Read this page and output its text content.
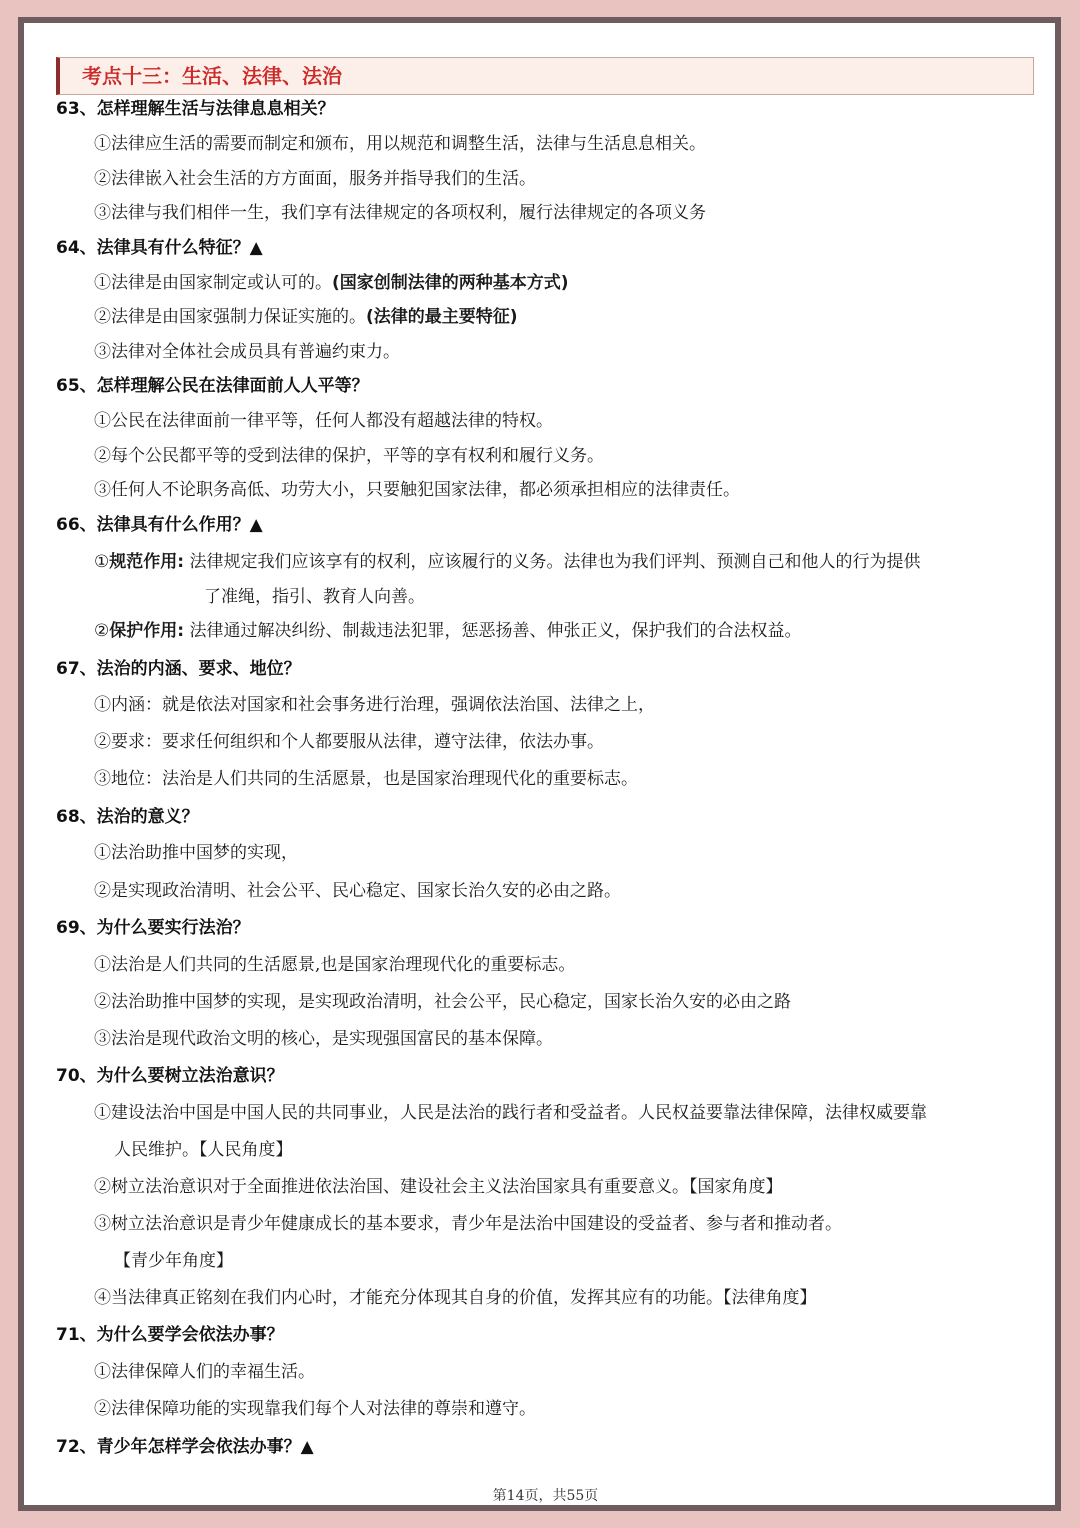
考点十三：生活、法律、法治
63、怎样理解生活与法律息息相关？
①法律应生活的需要而制定和颁布，用以规范和调整生活，法律与生活息息相关。
②法律嵌入社会生活的方方面面，服务并指导我们的生活。
③法律与我们相伴一生，我们享有法律规定的各项权利，履行法律规定的各项义务
64、法律具有什么特征？▲
①法律是由国家制定或认可的。(国家创制法律的两种基本方式)
②法律是由国家强制力保证实施的。(法律的最主要特征)
③法律对全体社会成员具有普遍约束力。
65、怎样理解公民在法律面前人人平等？
①公民在法律面前一律平等，任何人都没有超越法律的特权。
②每个公民都平等的受到法律的保护，平等的享有权利和履行义务。
③任何人不论职务高低、功劳大小，只要触犯国家法律，都必须承担相应的法律责任。
66、法律具有什么作用？▲
①规范作用: 法律规定我们应该享有的权利，应该履行的义务。法律也为我们评判、预测自己和他人的行为提供
了准绳，指引、教育人向善。
②保护作用: 法律通过解决纠纷、制裁违法犯罪，惩恶扬善、伸张正义，保护我们的合法权益。
67、法治的内涵、要求、地位？
①内涵：就是依法对国家和社会事务进行治理，强调依法治国、法律之上，
②要求：要求任何组织和个人都要服从法律，遵守法律，依法办事。
③地位：法治是人们共同的生活愿景，也是国家治理现代化的重要标志。
68、法治的意义？
①法治助推中国梦的实现，
②是实现政治清明、社会公平、民心稳定、国家长治久安的必由之路。
69、为什么要实行法治？
①法治是人们共同的生活愿景,也是国家治理现代化的重要标志。
②法治助推中国梦的实现，是实现政治清明，社会公平，民心稳定，国家长治久安的必由之路
③法治是现代政治文明的核心，是实现强国富民的基本保障。
70、为什么要树立法治意识？
①建设法治中国是中国人民的共同事业，人民是法治的践行者和受益者。人民权益要靠法律保障，法律权威要靠
人民维护。【人民角度】
②树立法治意识对于全面推进依法治国、建设社会主义法治国家具有重要意义。【国家角度】
③树立法治意识是青少年健康成长的基本要求，青少年是法治中国建设的受益者、参与者和推动者。
【青少年角度】
④当法律真正铭刻在我们内心时，才能充分体现其自身的价值，发挥其应有的功能。【法律角度】
71、为什么要学会依法办事？
①法律保障人们的幸福生活。
②法律保障功能的实现靠我们每个人对法律的尊崇和遵守。
72、青少年怎样学会依法办事？▲
第14页，共55页
